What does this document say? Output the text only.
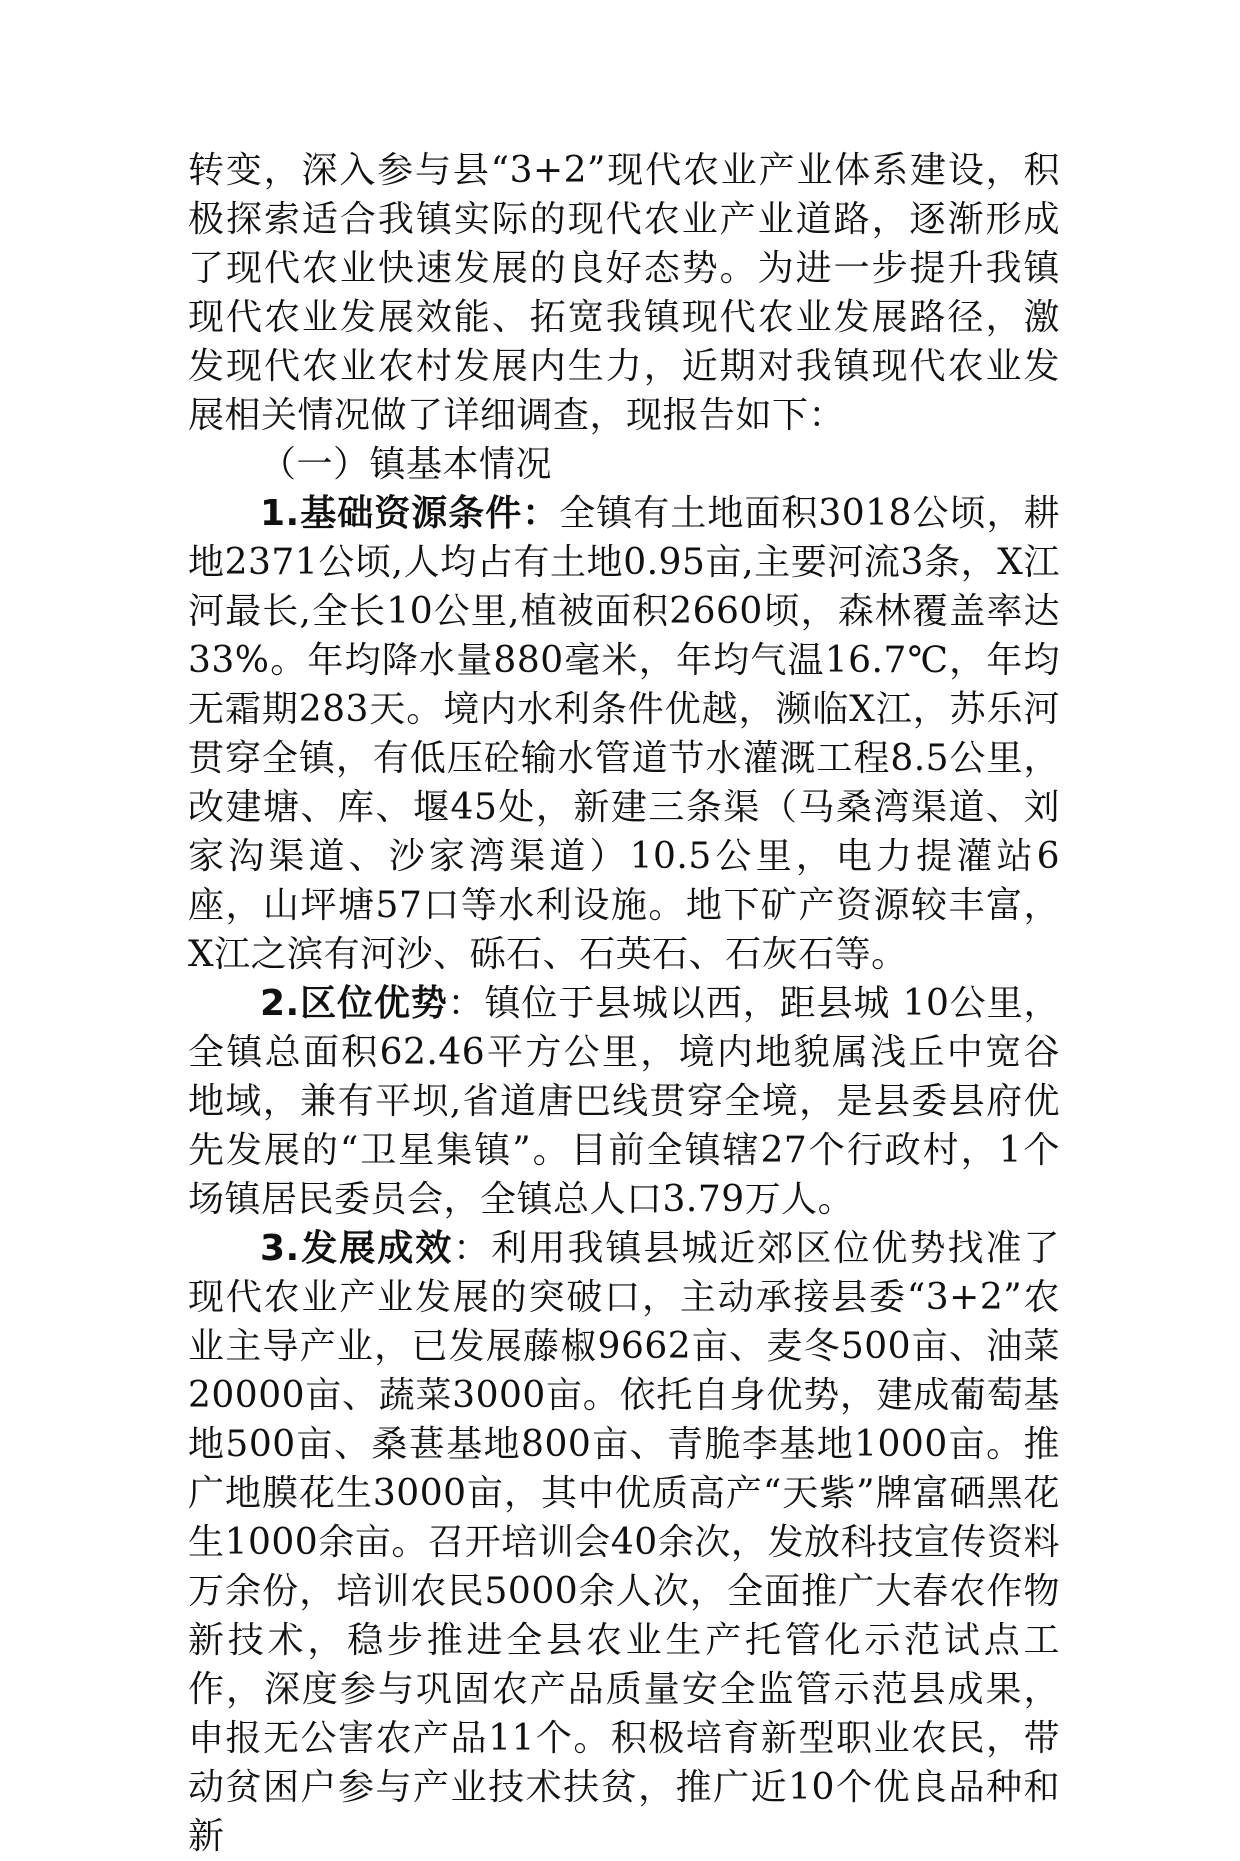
转变，深入参与县“3+2”现代农业产业体系建设，积极探索适合我镇实际的现代农业产业道路，逐渐形成了现代农业快速发展的良好态势。为进一步提升我镇现代农业发展效能、拓宽我镇现代农业发展路径，激发现代农业农村发展内生力，近期对我镇现代农业发展相关情况做了详细调查，现报告如下：

（一）镇基本情况

1.基础资源条件：全镇有土地面积3018公顷，耕地2371公顷,人均占有土地0.95亩,主要河流3条，X江河最长,全长10公里,植被面积2660顷，森林覆盖率达33%。年均降水量880毫米，年均气温16.7℃，年均无霜期283天。境内水利条件优越，濒临X江，苏乐河贯穿全镇，有低压砼输水管道节水灌溉工程8.5公里，改建塘、库、堰45处，新建三条渠（马桑湾渠道、刘家沟渠道、沙家湾渠道）10.5公里，电力提灌站6座，山坪塘57口等水利设施。地下矿产资源较丰富，X江之滨有河沙、砾石、石英石、石灰石等。

2.区位优势：镇位于县城以西，距县城 10公里，全镇总面积62.46平方公里，境内地貌属浅丘中宽谷地域，兼有平坝,省道唐巴线贯穿全境，是县委县府优先发展的“卫星集镇”。目前全镇辖27个行政村，1个场镇居民委员会，全镇总人口3.79万人。

3.发展成效：利用我镇县城近郊区位优势找准了现代农业产业发展的突破口，主动承接县委“3+2”农业主导产业，已发展藤椒9662亩、麦冬500亩、油菜20000亩、蔬菜3000亩。依托自身优势，建成葡萄基地500亩、桑葚基地800亩、青脆李基地1000亩。推广地膜花生3000亩，其中优质高产“天紫”牌富硒黑花生1000余亩。召开培训会40余次，发放科技宣传资料万余份，培训农民5000余人次，全面推广大春农作物新技术，稳步推进全县农业生产托管化示范试点工作，深度参与巩固农产品质量安全监管示范县成果，申报无公害农产品11个。积极培育新型职业农民，带动贫困户参与产业技术扶贫，推广近10个优良品种和新
